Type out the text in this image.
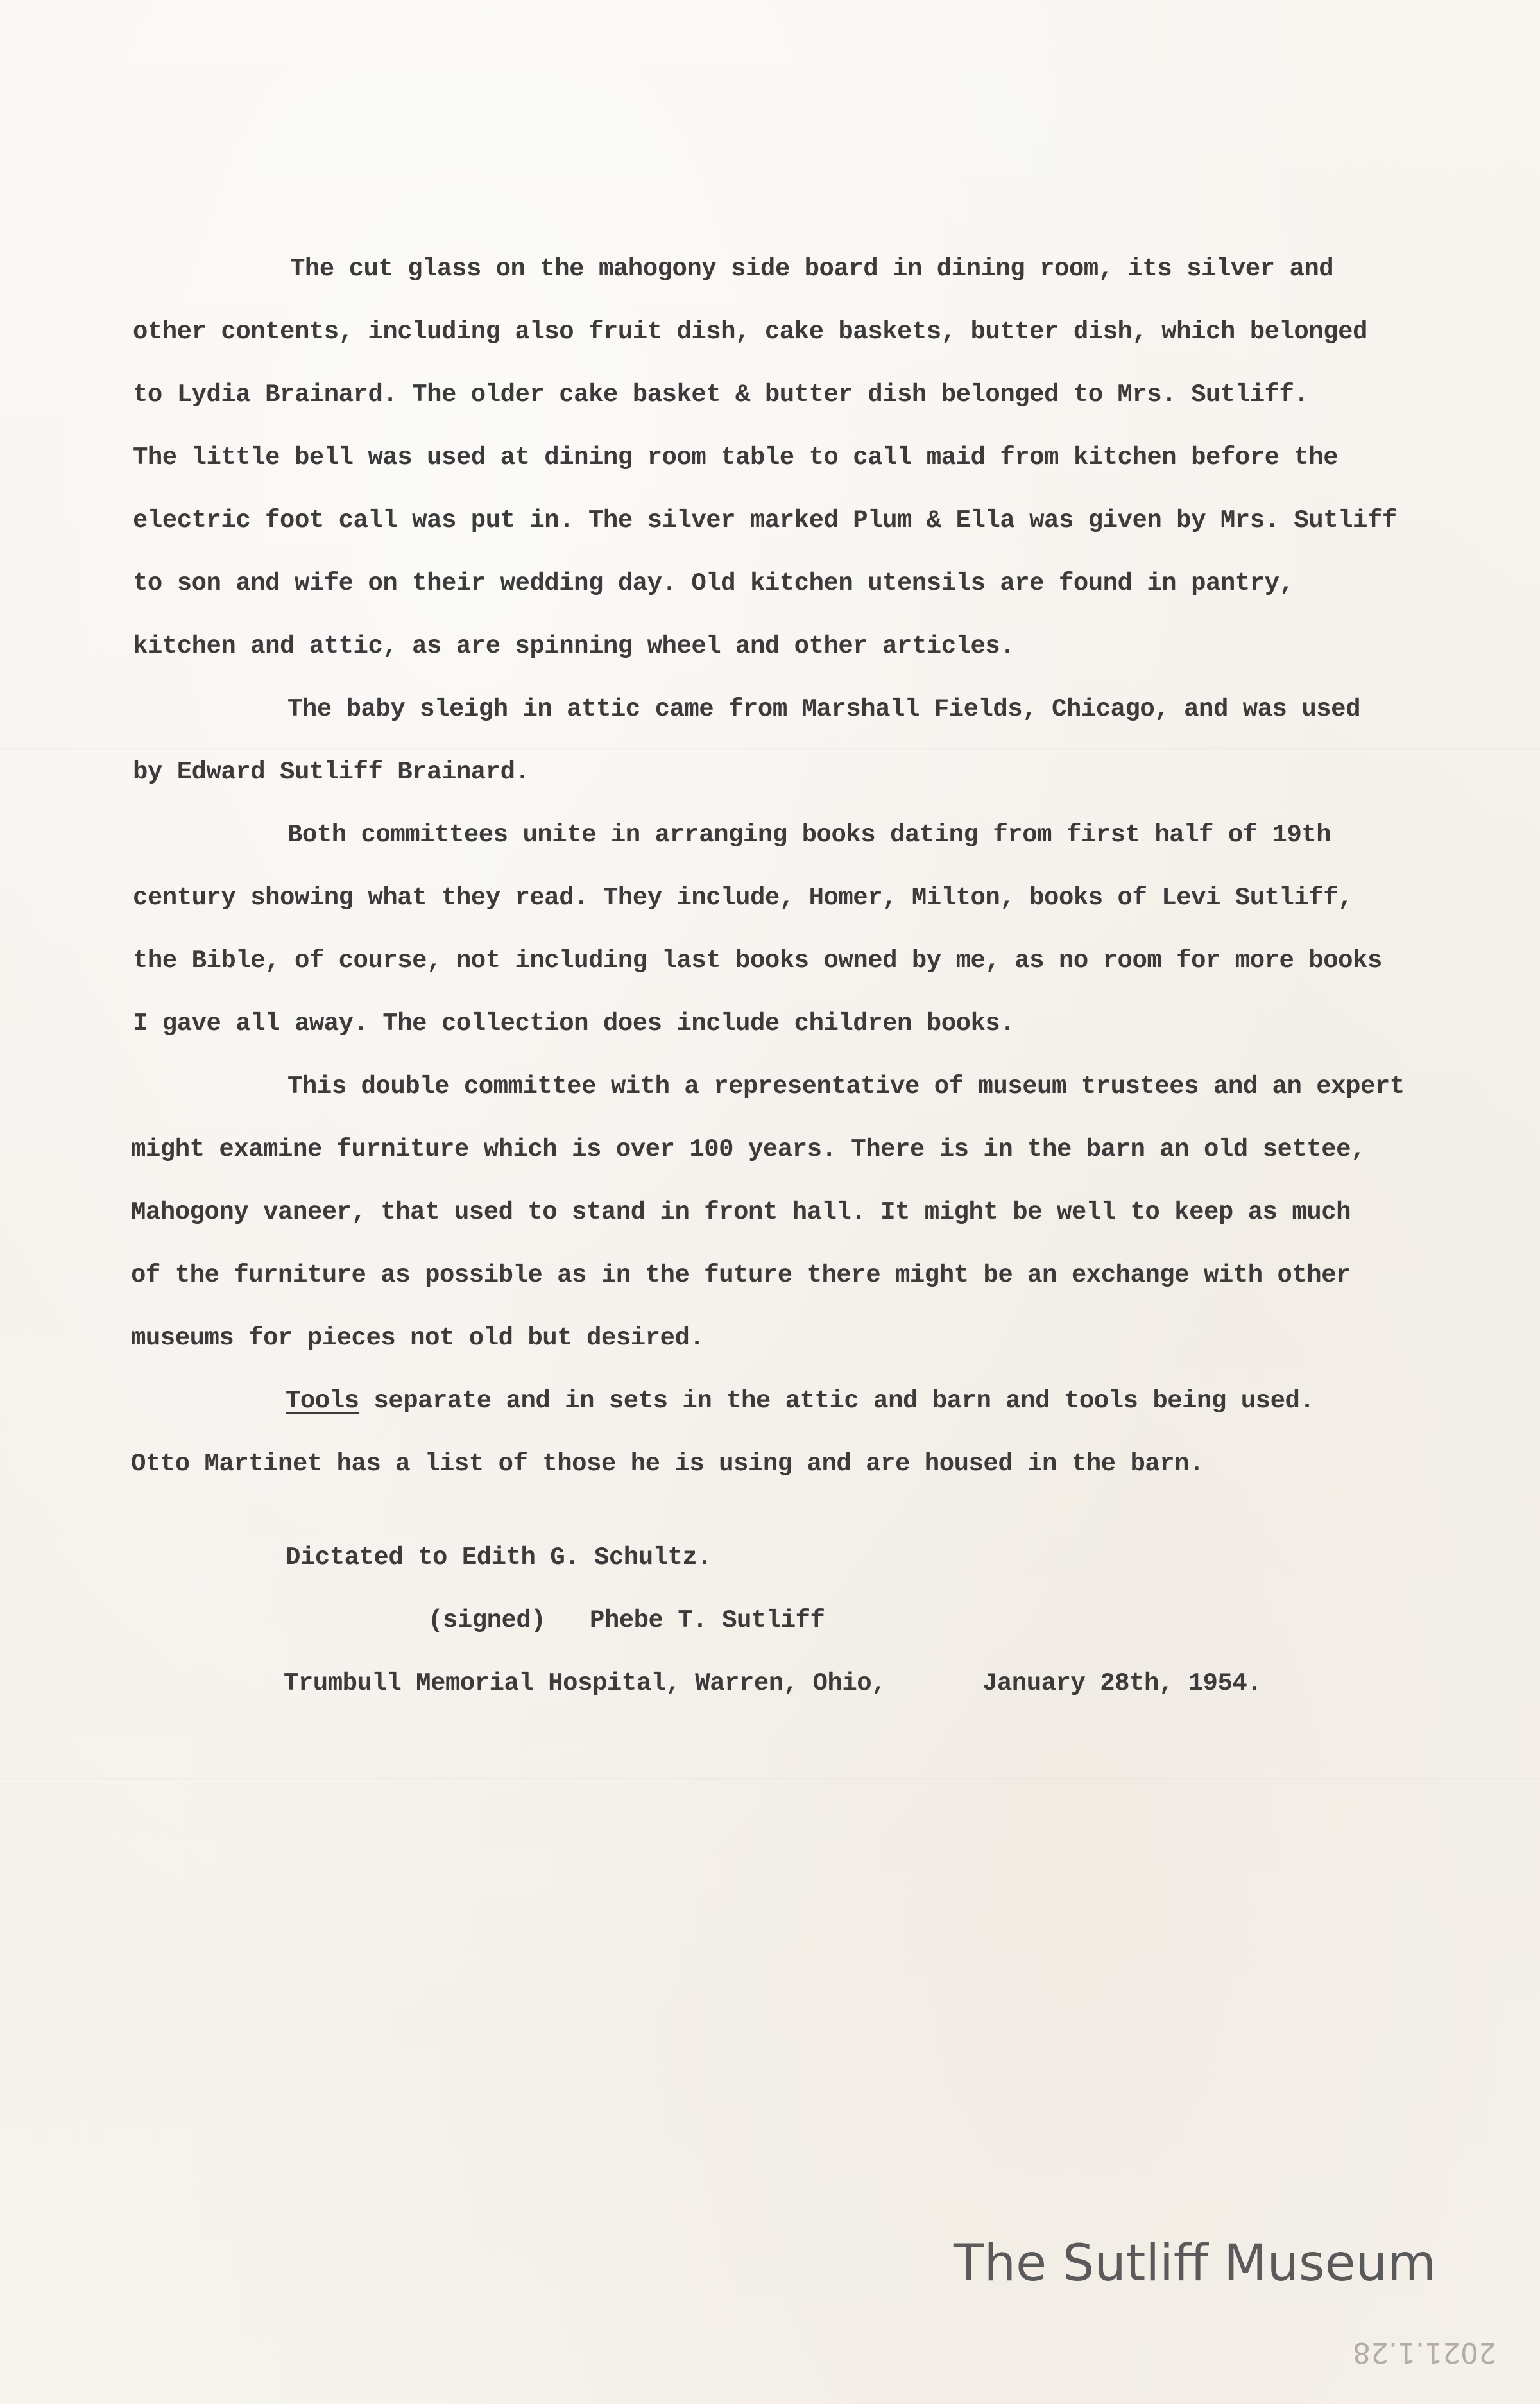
The cut glass on the mahogony side board in dining room, its silver and
other contents, including also fruit dish, cake baskets, butter dish, which belonged
to Lydia Brainard. The older cake basket & butter dish belonged to Mrs. Sutliff.
The little bell was used at dining room table to call maid from kitchen before the
electric foot call was put in. The silver marked Plum & Ella was given by Mrs. Sutliff
to son and wife on their wedding day. Old kitchen utensils are found in pantry,
kitchen and attic, as are spinning wheel and other articles.
The baby sleigh in attic came from Marshall Fields, Chicago, and was used
by Edward Sutliff Brainard.
Both committees unite in arranging books dating from first half of 19th
century showing what they read. They include, Homer, Milton, books of Levi Sutliff,
the Bible, of course, not including last books owned by me, as no room for more books
I gave all away. The collection does include children books.
This double committee with a representative of museum trustees and an expert
might examine furniture which is over 100 years. There is in the barn an old settee,
Mahogony vaneer, that used to stand in front hall. It might be well to keep as much
of the furniture as possible as in the future there might be an exchange with other
museums for pieces not old but desired.
Tools separate and in sets in the attic and barn and tools being used.
Otto Martinet has a list of those he is using and are housed in the barn.
Dictated to Edith G. Schultz.
(signed)   Phebe T. Sutliff
Trumbull Memorial Hospital, Warren, Ohio,	January 28th, 1954.
The Sutliff Museum
2021.1.28
